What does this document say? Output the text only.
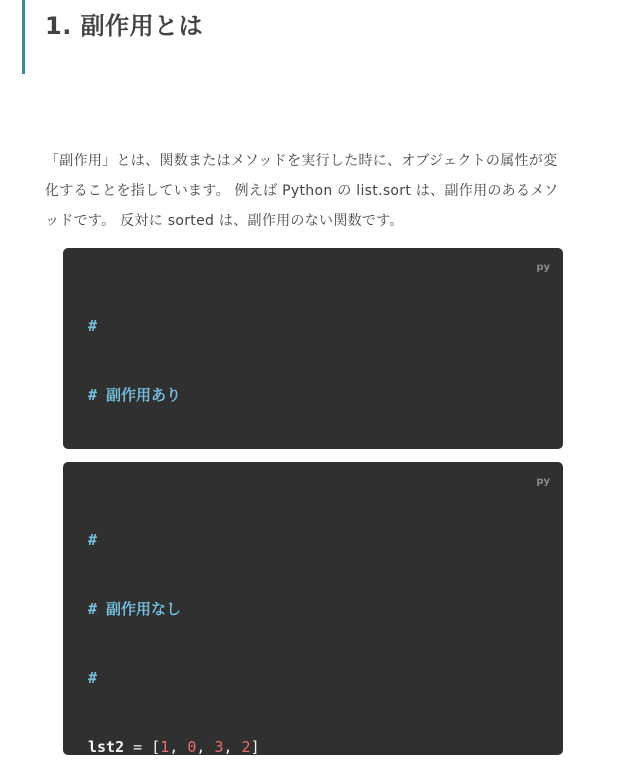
1. 副作用とは

「副作用」とは、関数またはメソッドを実行した時に、オブジェクトの属性が変
化することを指しています。 例えば Python の list.sort は、副作用のあるメソ
ッドです。 反対に sorted は、副作用のない関数です。

py

#

# 副作用あり

py

#

# 副作用なし

#

lst2 = [1, 0, 3, 2]
